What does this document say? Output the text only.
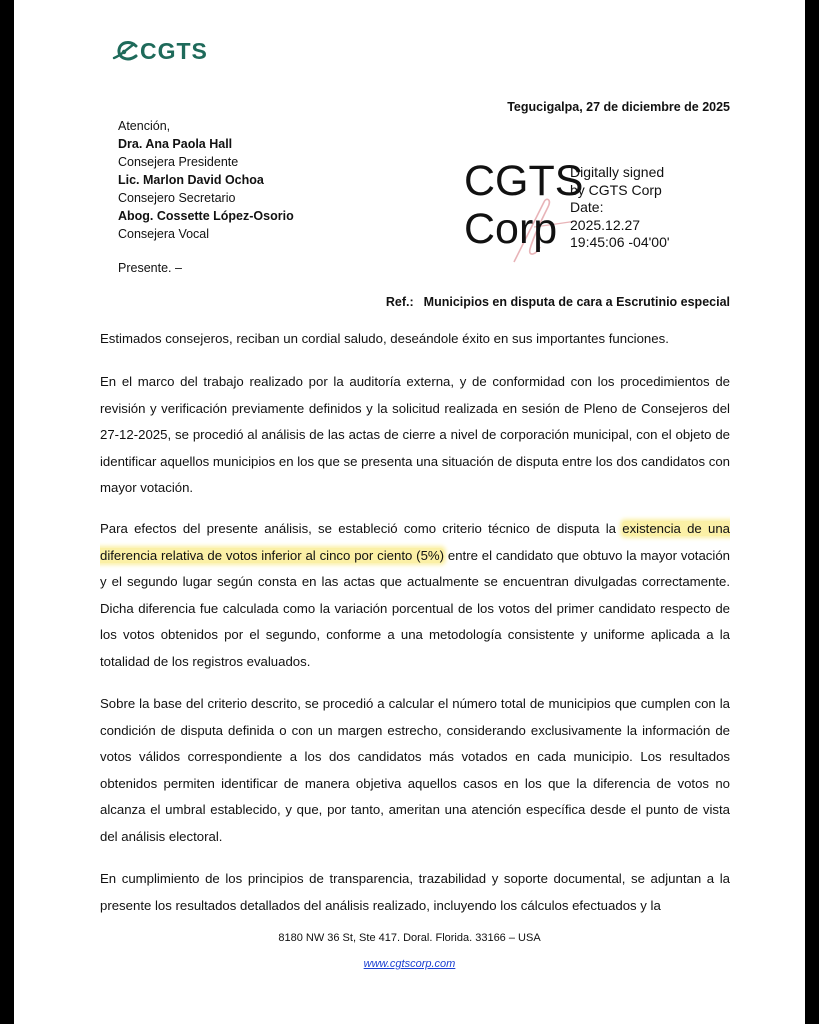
CGTS
Tegucigalpa, 27 de diciembre de 2025
Atención,
Dra. Ana Paola Hall
Consejera Presidente
Lic. Marlon David Ochoa
Consejero Secretario
Abog. Cossette López-Osorio
Consejera Vocal
Presente. –
CGTS
Corp
Digitally signed
by CGTS Corp
Date:
2025.12.27
19:45:06 -04'00'
Ref.: Municipios en disputa de cara a Escrutinio especial
Estimados consejeros, reciban un cordial saludo, deseándole éxito en sus importantes funciones.
En el marco del trabajo realizado por la auditoría externa, y de conformidad con los procedimientos de revisión y verificación previamente definidos y la solicitud realizada en sesión de Pleno de Consejeros del 27-12-2025, se procedió al análisis de las actas de cierre a nivel de corporación municipal, con el objeto de identificar aquellos municipios en los que se presenta una situación de disputa entre los dos candidatos con mayor votación.
Para efectos del presente análisis, se estableció como criterio técnico de disputa la existencia de una diferencia relativa de votos inferior al cinco por ciento (5%) entre el candidato que obtuvo la mayor votación y el segundo lugar según consta en las actas que actualmente se encuentran divulgadas correctamente. Dicha diferencia fue calculada como la variación porcentual de los votos del primer candidato respecto de los votos obtenidos por el segundo, conforme a una metodología consistente y uniforme aplicada a la totalidad de los registros evaluados.
Sobre la base del criterio descrito, se procedió a calcular el número total de municipios que cumplen con la condición de disputa definida o con un margen estrecho, considerando exclusivamente la información de votos válidos correspondiente a los dos candidatos más votados en cada municipio. Los resultados obtenidos permiten identificar de manera objetiva aquellos casos en los que la diferencia de votos no alcanza el umbral establecido, y que, por tanto, ameritan una atención específica desde el punto de vista del análisis electoral.
En cumplimiento de los principios de transparencia, trazabilidad y soporte documental, se adjuntan a la presente los resultados detallados del análisis realizado, incluyendo los cálculos efectuados y la
8180 NW 36 St, Ste 417. Doral. Florida. 33166 – USA
www.cgtscorp.com
